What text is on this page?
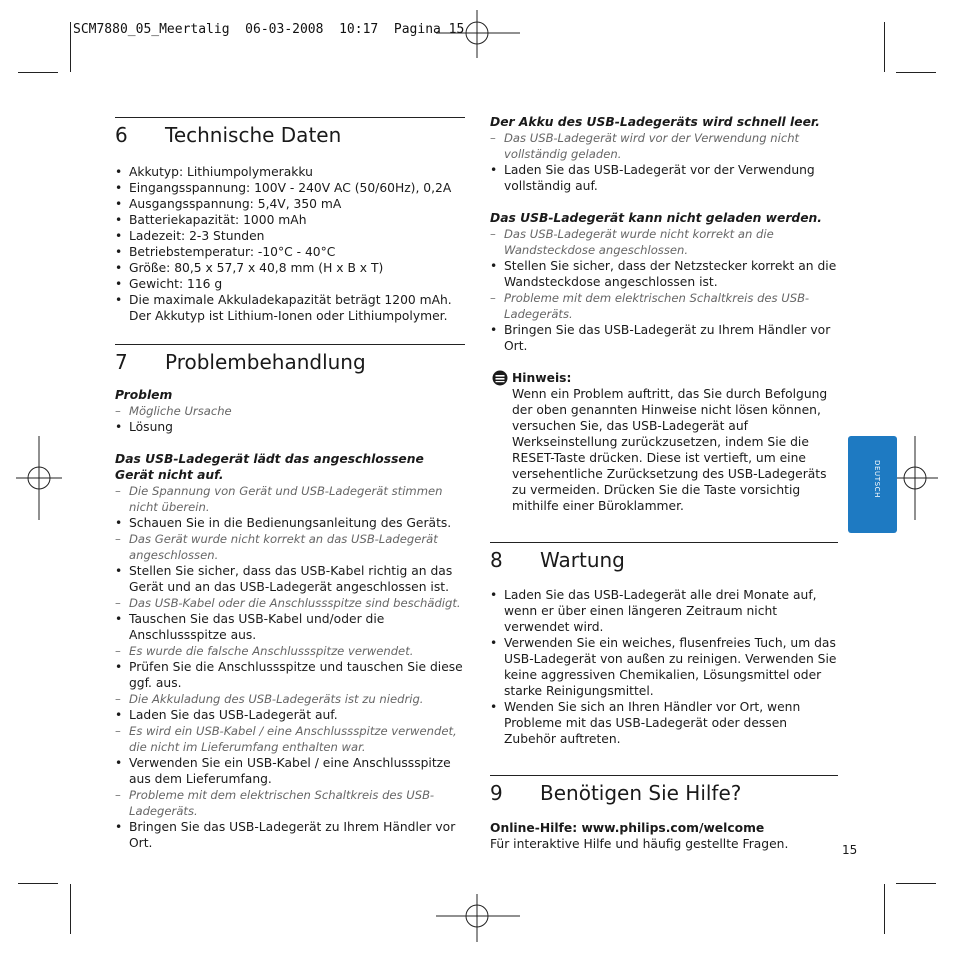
SCM7880_05_Meertalig  06-03-2008  10:17  Pagina 15
DEUTSCH
6	Technische Daten
• Akkutyp: Lithiumpolymerakku
• Eingangsspannung: 100V - 240V AC (50/60Hz), 0,2A
• Ausgangsspannung: 5,4V, 350 mA
• Batteriekapazität: 1000 mAh
• Ladezeit: 2-3 Stunden
• Betriebstemperatur: -10°C - 40°C
• Größe: 80,5 x 57,7 x 40,8 mm (H x B x T)
• Gewicht: 116 g
• Die maximale Akkuladekapazität beträgt 1200 mAh. Der Akkutyp ist Lithium-Ionen oder Lithiumpolymer.
7	Problembehandlung
Problem
– Mögliche Ursache
• Lösung
Das USB-Ladegerät lädt das angeschlossene Gerät nicht auf.
– Die Spannung von Gerät und USB-Ladegerät stimmen nicht überein.
• Schauen Sie in die Bedienungsanleitung des Geräts.
– Das Gerät wurde nicht korrekt an das USB-Ladegerät angeschlossen.
• Stellen Sie sicher, dass das USB-Kabel richtig an das Gerät und an das USB-Ladegerät angeschlossen ist.
– Das USB-Kabel oder die Anschlussspitze sind beschädigt.
• Tauschen Sie das USB-Kabel und/oder die Anschlussspitze aus.
– Es wurde die falsche Anschlussspitze verwendet.
• Prüfen Sie die Anschlussspitze und tauschen Sie diese ggf. aus.
– Die Akkuladung des USB-Ladegeräts ist zu niedrig.
• Laden Sie das USB-Ladegerät auf.
– Es wird ein USB-Kabel / eine Anschlussspitze verwendet, die nicht im Lieferumfang enthalten war.
• Verwenden Sie ein USB-Kabel / eine Anschlussspitze aus dem Lieferumfang.
– Probleme mit dem elektrischen Schaltkreis des USB-Ladegeräts.
• Bringen Sie das USB-Ladegerät zu Ihrem Händler vor Ort.
Der Akku des USB-Ladegeräts wird schnell leer.
– Das USB-Ladegerät wird vor der Verwendung nicht vollständig geladen.
• Laden Sie das USB-Ladegerät vor der Verwendung vollständig auf.
Das USB-Ladegerät kann nicht geladen werden.
– Das USB-Ladegerät wurde nicht korrekt an die Wandsteckdose angeschlossen.
• Stellen Sie sicher, dass der Netzstecker korrekt an die Wandsteckdose angeschlossen ist.
– Probleme mit dem elektrischen Schaltkreis des USB-Ladegeräts.
• Bringen Sie das USB-Ladegerät zu Ihrem Händler vor Ort.
Hinweis:
Wenn ein Problem auftritt, das Sie durch Befolgung der oben genannten Hinweise nicht lösen können, versuchen Sie, das USB-Ladegerät auf Werkseinstellung zurückzusetzen, indem Sie die RESET-Taste drücken. Diese ist vertieft, um eine versehentliche Zurücksetzung des USB-Ladegeräts zu vermeiden. Drücken Sie die Taste vorsichtig mithilfe einer Büroklammer.
8	Wartung
• Laden Sie das USB-Ladegerät alle drei Monate auf, wenn er über einen längeren Zeitraum nicht verwendet wird.
• Verwenden Sie ein weiches, flusenfreies Tuch, um das USB-Ladegerät von außen zu reinigen. Verwenden Sie keine aggressiven Chemikalien, Lösungsmittel oder starke Reinigungsmittel.
• Wenden Sie sich an Ihren Händler vor Ort, wenn Probleme mit das USB-Ladegerät oder dessen Zubehör auftreten.
9	Benötigen Sie Hilfe?
Online-Hilfe: www.philips.com/welcome
Für interaktive Hilfe und häufig gestellte Fragen.	15
